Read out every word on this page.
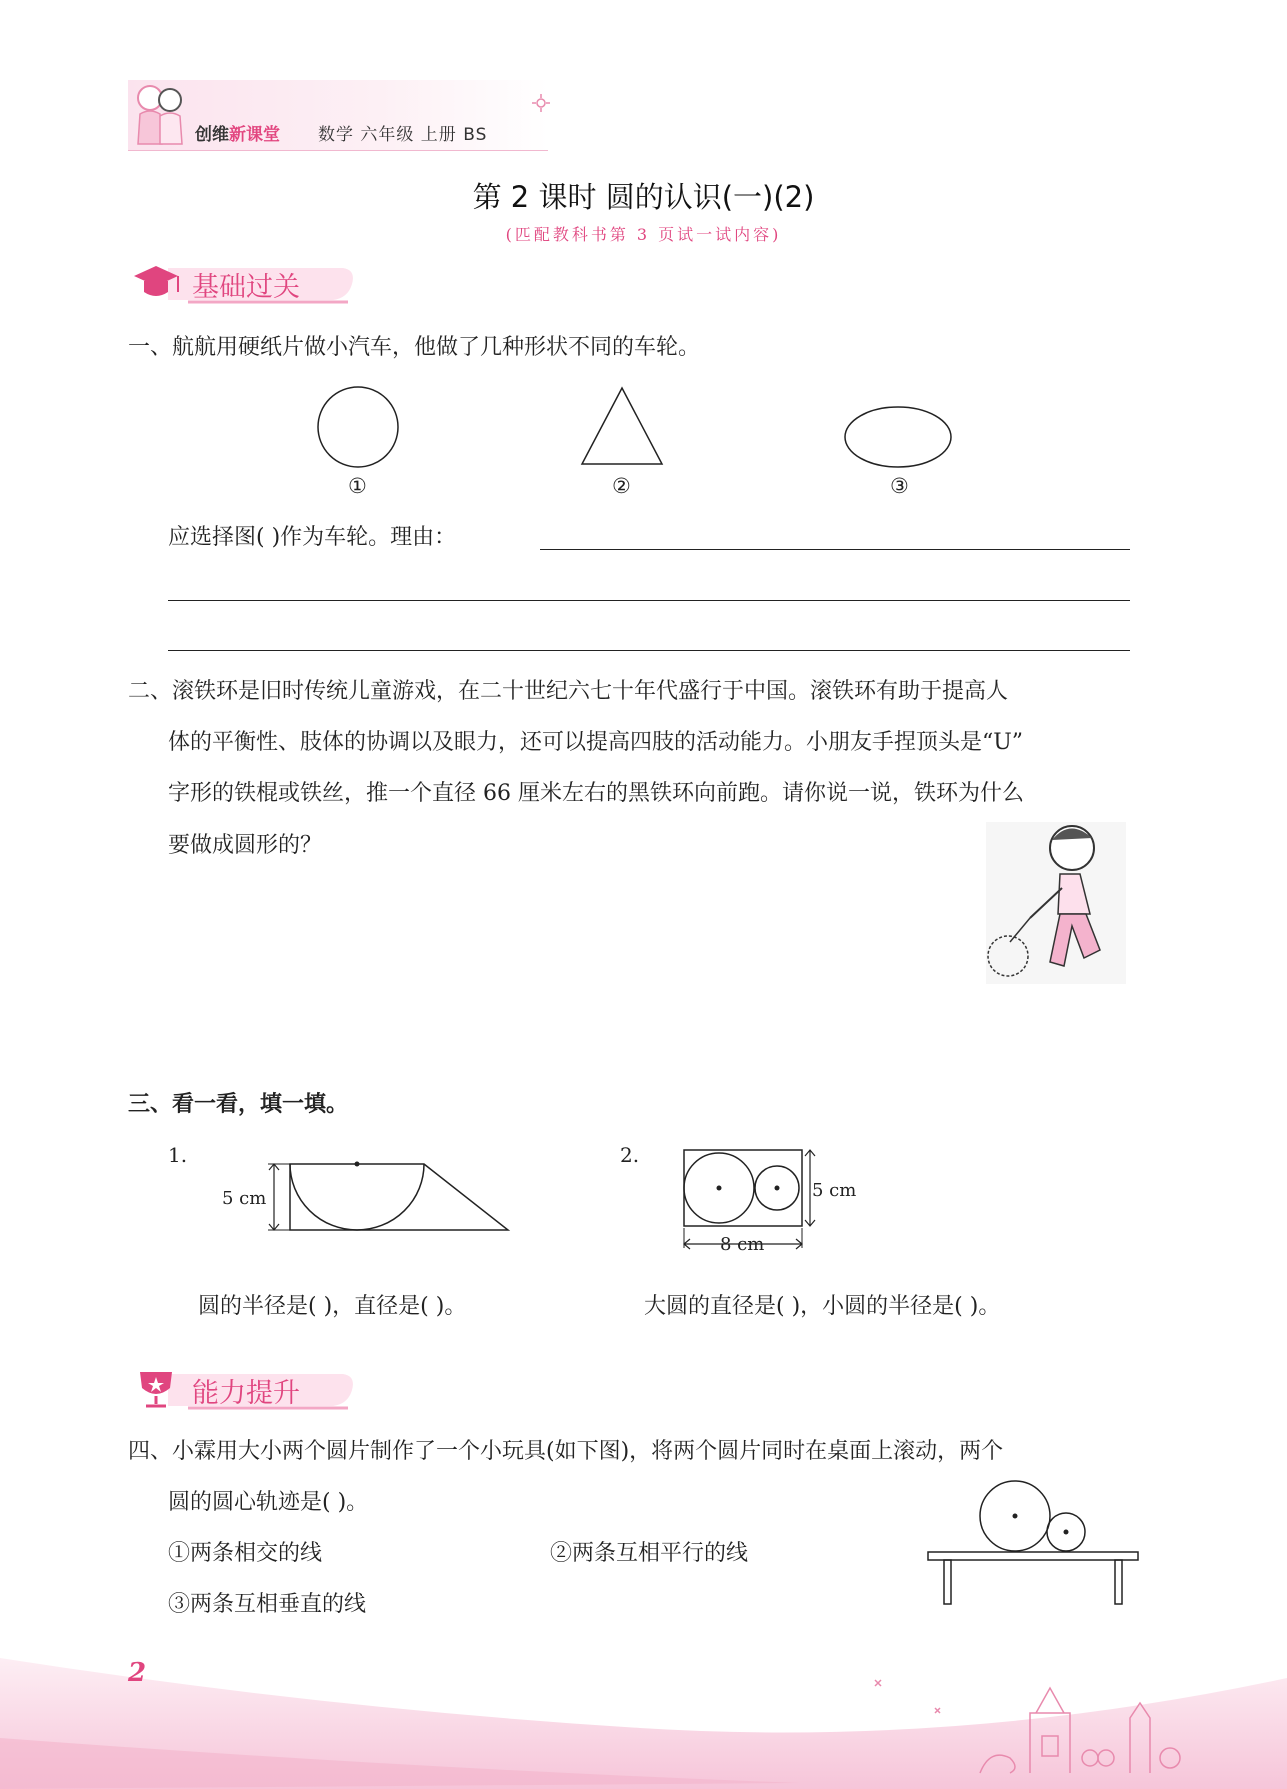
创维新课堂 数学 六年级 上册 BS
第 2 课时 圆的认识(一)(2)
(匹配教科书第 3 页试一试内容)
基础过关
一、航航用硬纸片做小汽车，他做了几种形状不同的车轮。
①	②	③
应选择图( )作为车轮。理由：
二、滚铁环是旧时传统儿童游戏，在二十世纪六七十年代盛行于中国。滚铁环有助于提高人
体的平衡性、肢体的协调以及眼力，还可以提高四肢的活动能力。小朋友手捏顶头是“U”
字形的铁棍或铁丝，推一个直径 66 厘米左右的黑铁环向前跑。请你说一说，铁环为什么
要做成圆形的？
三、看一看，填一填。
1.
5 cm
2.
5 cm
8 cm
圆的半径是( )，直径是( )。	大圆的直径是( )，小圆的半径是( )。
能力提升
四、小霖用大小两个圆片制作了一个小玩具(如下图)，将两个圆片同时在桌面上滚动，两个
圆的圆心轨迹是( )。
①两条相交的线	②两条互相平行的线
③两条互相垂直的线
2
